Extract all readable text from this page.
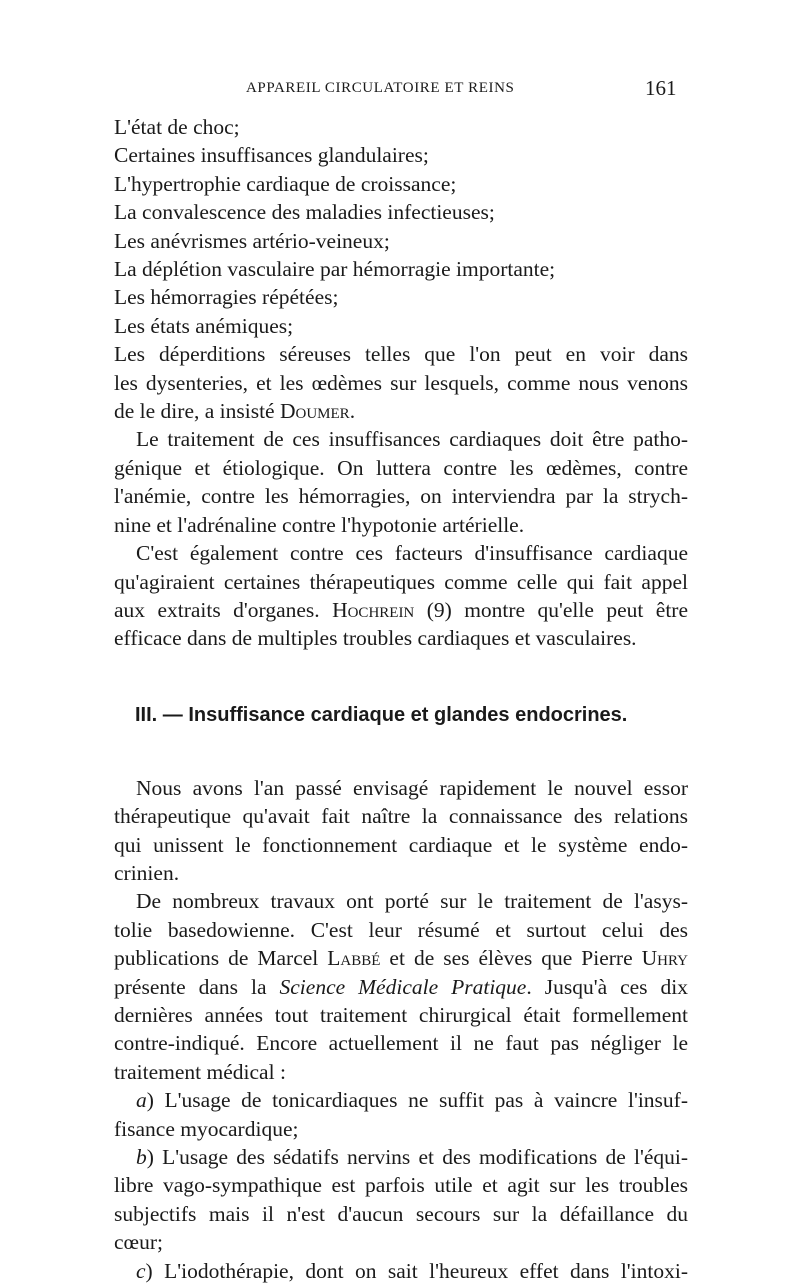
APPAREIL CIRCULATOIRE ET REINS	161
L'état de choc;
Certaines insuffisances glandulaires;
L'hypertrophie cardiaque de croissance;
La convalescence des maladies infectieuses;
Les anévrismes artério-veineux;
La déplétion vasculaire par hémorragie importante;
Les hémorragies répétées;
Les états anémiques;

Les déperditions séreuses telles que l'on peut en voir dans
les dysenteries, et les œdèmes sur lesquels, comme nous venons
de le dire, a insisté Doumer.

Le traitement de ces insuffisances cardiaques doit être patho-
génique et étiologique. On luttera contre les œdèmes, contre
l'anémie, contre les hémorragies, on interviendra par la strych-
nine et l'adrénaline contre l'hypotonie artérielle.

C'est également contre ces facteurs d'insuffisance cardiaque
qu'agiraient certaines thérapeutiques comme celle qui fait appel
aux extraits d'organes. Hochrein (9) montre qu'elle peut être
efficace dans de multiples troubles cardiaques et vasculaires.

III. — Insuffisance cardiaque et glandes endocrines.

Nous avons l'an passé envisagé rapidement le nouvel essor
thérapeutique qu'avait fait naître la connaissance des relations
qui unissent le fonctionnement cardiaque et le système endo-
crinien.

De nombreux travaux ont porté sur le traitement de l'asys-
tolie basedowienne. C'est leur résumé et surtout celui des
publications de Marcel Labbé et de ses élèves que Pierre Uhry
présente dans la Science Médicale Pratique. Jusqu'à ces dix
dernières années tout traitement chirurgical était formellement
contre-indiqué. Encore actuellement il ne faut pas négliger le
traitement médical :

a) L'usage de tonicardiaques ne suffit pas à vaincre l'insuf-
fisance myocardique;

b) L'usage des sédatifs nervins et des modifications de l'équi-
libre vago-sympathique est parfois utile et agit sur les troubles
subjectifs mais il n'est d'aucun secours sur la défaillance du
cœur;

c) L'iodothérapie, dont on sait l'heureux effet dans l'intoxi-
